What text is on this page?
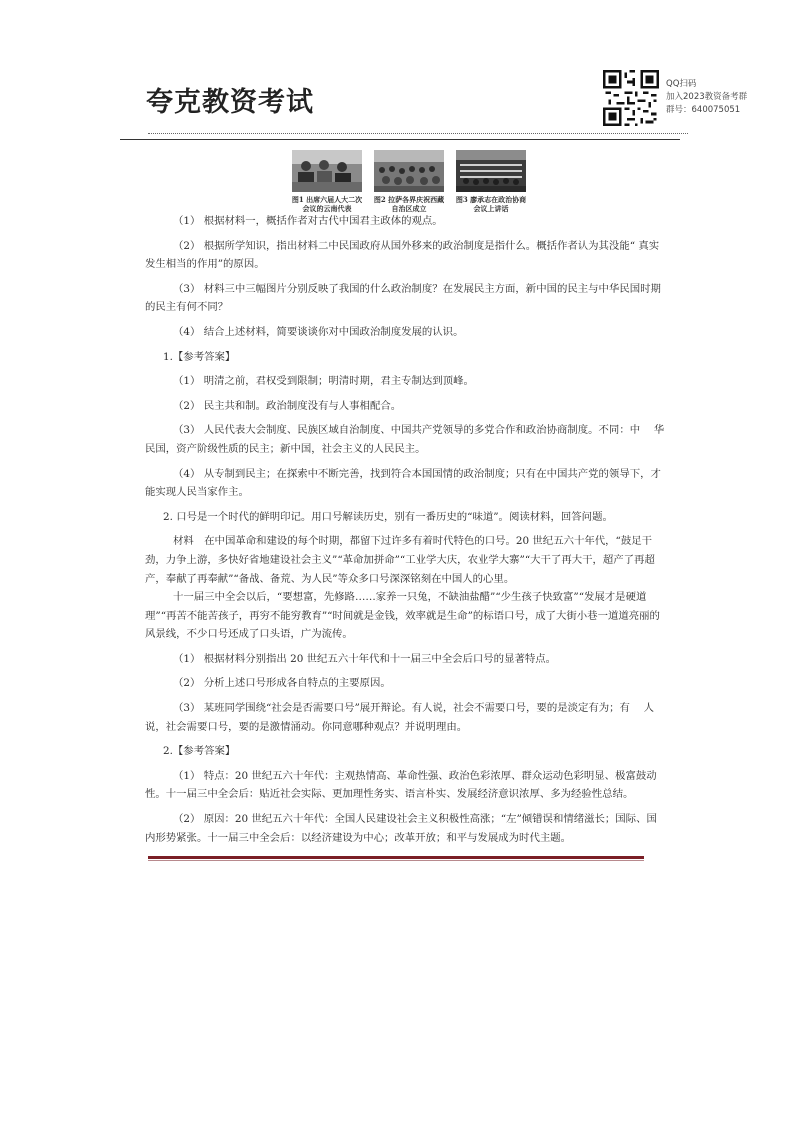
夸克教资考试
QQ扫码
加入2023教资备考群
群号：640075051
图1 出席六届人大二次会议的云南代表
图2 拉萨各界庆祝西藏自治区成立
图3 廖承志在政治协商会议上讲话

（1） 根据材料一，概括作者对古代中国君主政体的观点。

（2） 根据所学知识，指出材料二中民国政府从国外移来的政治制度是指什么。概括作者认为其没能“ 真实发生相当的作用”的原因。

（3） 材料三中三幅图片分别反映了我国的什么政治制度？在发展民主方面，新中国的民主与中华民国时期的民主有何不同？

（4） 结合上述材料，简要谈谈你对中国政治制度发展的认识。

1.【参考答案】

（1） 明清之前，君权受到限制；明清时期，君主专制达到顶峰。

（2） 民主共和制。政治制度没有与人事相配合。

（3） 人民代表大会制度、民族区域自治制度、中国共产党领导的多党合作和政治协商制度。不同：中　 华民国，资产阶级性质的民主；新中国，社会主义的人民民主。

（4） 从专制到民主；在探索中不断完善，找到符合本国国情的政治制度；只有在中国共产党的领导下，才能实现人民当家作主。

2. 口号是一个时代的鲜明印记。用口号解读历史，别有一番历史的“味道”。阅读材料，回答问题。

材料　在中国革命和建设的每个时期，都留下过许多有着时代特色的口号。20 世纪五六十年代，“鼓足干劲，力争上游，多快好省地建设社会主义”“革命加拼命”“工业学大庆，农业学大寨”“大干了再大干，超产了再超产，奉献了再奉献”“备战、备荒、为人民”等众多口号深深铭刻在中国人的心里。

十一届三中全会以后，“要想富，先修路……家养一只兔，不缺油盐醋”“少生孩子快致富”“发展才是硬道理”“再苦不能苦孩子，再穷不能穷教育”“时间就是金钱，效率就是生命”的标语口号，成了大街小巷一道道亮丽的风景线，不少口号还成了口头语，广为流传。

（1） 根据材料分别指出 20 世纪五六十年代和十一届三中全会后口号的显著特点。

（2） 分析上述口号形成各自特点的主要原因。

（3） 某班同学围绕“社会是否需要口号”展开辩论。有人说，社会不需要口号，要的是淡定有为；有　 人说，社会需要口号，要的是激情涌动。你同意哪种观点？并说明理由。

2.【参考答案】

（1） 特点：20 世纪五六十年代：主观热情高、革命性强、政治色彩浓厚、群众运动色彩明显、极富鼓动性。十一届三中全会后：贴近社会实际、更加理性务实、语言朴实、发展经济意识浓厚、多为经验性总结。

（2） 原因：20 世纪五六十年代：全国人民建设社会主义积极性高涨；“左”倾错误和情绪滋长；国际、国内形势紧张。十一届三中全会后：以经济建设为中心；改革开放；和平与发展成为时代主题。
